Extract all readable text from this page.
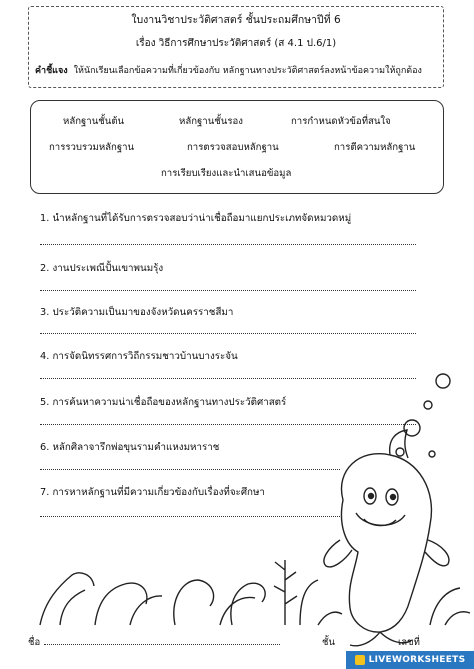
ใบงานวิชาประวัติศาสตร์ ชั้นประถมศึกษาปีที่ 6
เรื่อง วิธีการศึกษาประวัติศาสตร์ (ส 4.1 ป.6/1)
คำชี้แจง ให้นักเรียนเลือกข้อความที่เกี่ยวข้องกับ หลักฐานทางประวัติศาสตร์ลงหน้าข้อความให้ถูกต้อง
หลักฐานชั้นต้น	หลักฐานชั้นรอง	การกำหนดหัวข้อที่สนใจ
การรวบรวมหลักฐาน	การตรวจสอบหลักฐาน	การตีความหลักฐาน
การเรียบเรียงและนำเสนอข้อมูล
1. นำหลักฐานที่ได้รับการตรวจสอบว่าน่าเชื่อถือมาแยกประเภทจัดหมวดหมู่
2. งานประเพณีปั้นเขาพนมรุ้ง
3. ประวัติความเป็นมาของจังหวัดนครราชสีมา
4. การจัดนิทรรศการวิถีกรรมชาวบ้านบางระจัน
5. การค้นหาความน่าเชื่อถือของหลักฐานทางประวัติศาสตร์
6. หลักศิลาจารึกพ่อขุนรามคำแหงมหาราช
7. การหาหลักฐานที่มีความเกี่ยวข้องกับเรื่องที่จะศึกษา
ชื่อ	ชั้น	เลขที่
LIVEWORKSHEETS
